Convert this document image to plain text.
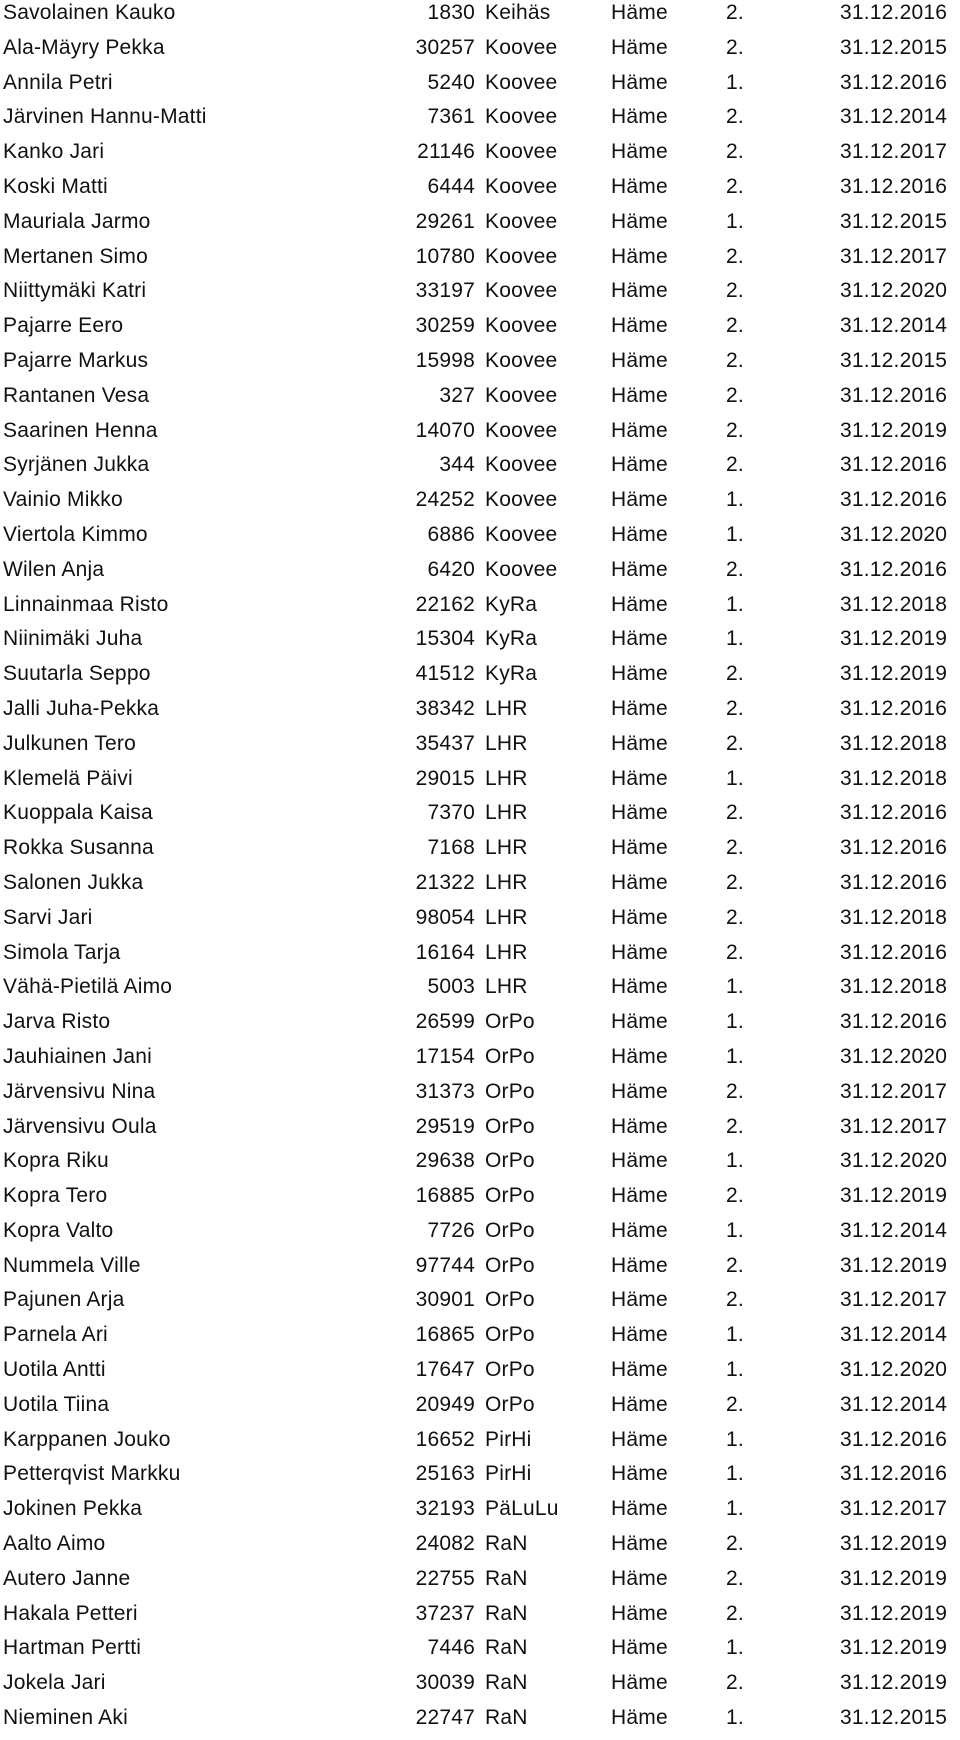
Savolainen Kauko	1830 Keihäs	Häme	2.	31.12.2016
Ala-Mäyry Pekka	30257 Koovee	Häme	2.	31.12.2015
Annila Petri	5240 Koovee	Häme	1.	31.12.2016
Järvinen Hannu-Matti	7361 Koovee	Häme	2.	31.12.2014
Kanko Jari	21146 Koovee	Häme	2.	31.12.2017
Koski Matti	6444 Koovee	Häme	2.	31.12.2016
Mauriala Jarmo	29261 Koovee	Häme	1.	31.12.2015
Mertanen Simo	10780 Koovee	Häme	2.	31.12.2017
Niittymäki Katri	33197 Koovee	Häme	2.	31.12.2020
Pajarre Eero	30259 Koovee	Häme	2.	31.12.2014
Pajarre Markus	15998 Koovee	Häme	2.	31.12.2015
Rantanen Vesa	327 Koovee	Häme	2.	31.12.2016
Saarinen Henna	14070 Koovee	Häme	2.	31.12.2019
Syrjänen Jukka	344 Koovee	Häme	2.	31.12.2016
Vainio Mikko	24252 Koovee	Häme	1.	31.12.2016
Viertola Kimmo	6886 Koovee	Häme	1.	31.12.2020
Wilen Anja	6420 Koovee	Häme	2.	31.12.2016
Linnainmaa Risto	22162 KyRa	Häme	1.	31.12.2018
Niinimäki Juha	15304 KyRa	Häme	1.	31.12.2019
Suutarla Seppo	41512 KyRa	Häme	2.	31.12.2019
Jalli Juha-Pekka	38342 LHR	Häme	2.	31.12.2016
Julkunen Tero	35437 LHR	Häme	2.	31.12.2018
Klemelä Päivi	29015 LHR	Häme	1.	31.12.2018
Kuoppala Kaisa	7370 LHR	Häme	2.	31.12.2016
Rokka Susanna	7168 LHR	Häme	2.	31.12.2016
Salonen Jukka	21322 LHR	Häme	2.	31.12.2016
Sarvi Jari	98054 LHR	Häme	2.	31.12.2018
Simola Tarja	16164 LHR	Häme	2.	31.12.2016
Vähä-Pietilä Aimo	5003 LHR	Häme	1.	31.12.2018
Jarva Risto	26599 OrPo	Häme	1.	31.12.2016
Jauhiainen Jani	17154 OrPo	Häme	1.	31.12.2020
Järvensivu Nina	31373 OrPo	Häme	2.	31.12.2017
Järvensivu Oula	29519 OrPo	Häme	2.	31.12.2017
Kopra Riku	29638 OrPo	Häme	1.	31.12.2020
Kopra Tero	16885 OrPo	Häme	2.	31.12.2019
Kopra Valto	7726 OrPo	Häme	1.	31.12.2014
Nummela Ville	97744 OrPo	Häme	2.	31.12.2019
Pajunen Arja	30901 OrPo	Häme	2.	31.12.2017
Parnela Ari	16865 OrPo	Häme	1.	31.12.2014
Uotila Antti	17647 OrPo	Häme	1.	31.12.2020
Uotila Tiina	20949 OrPo	Häme	2.	31.12.2014
Karppanen Jouko	16652 PirHi	Häme	1.	31.12.2016
Petterqvist Markku	25163 PirHi	Häme	1.	31.12.2016
Jokinen Pekka	32193 PäLuLu Häme	1.	31.12.2017
Aalto Aimo	24082 RaN	Häme	2.	31.12.2019
Autero Janne	22755 RaN	Häme	2.	31.12.2019
Hakala Petteri	37237 RaN	Häme	2.	31.12.2019
Hartman Pertti	7446 RaN	Häme	1.	31.12.2019
Jokela Jari	30039 RaN	Häme	2.	31.12.2019
Nieminen Aki	22747 RaN	Häme	1.	31.12.2015
